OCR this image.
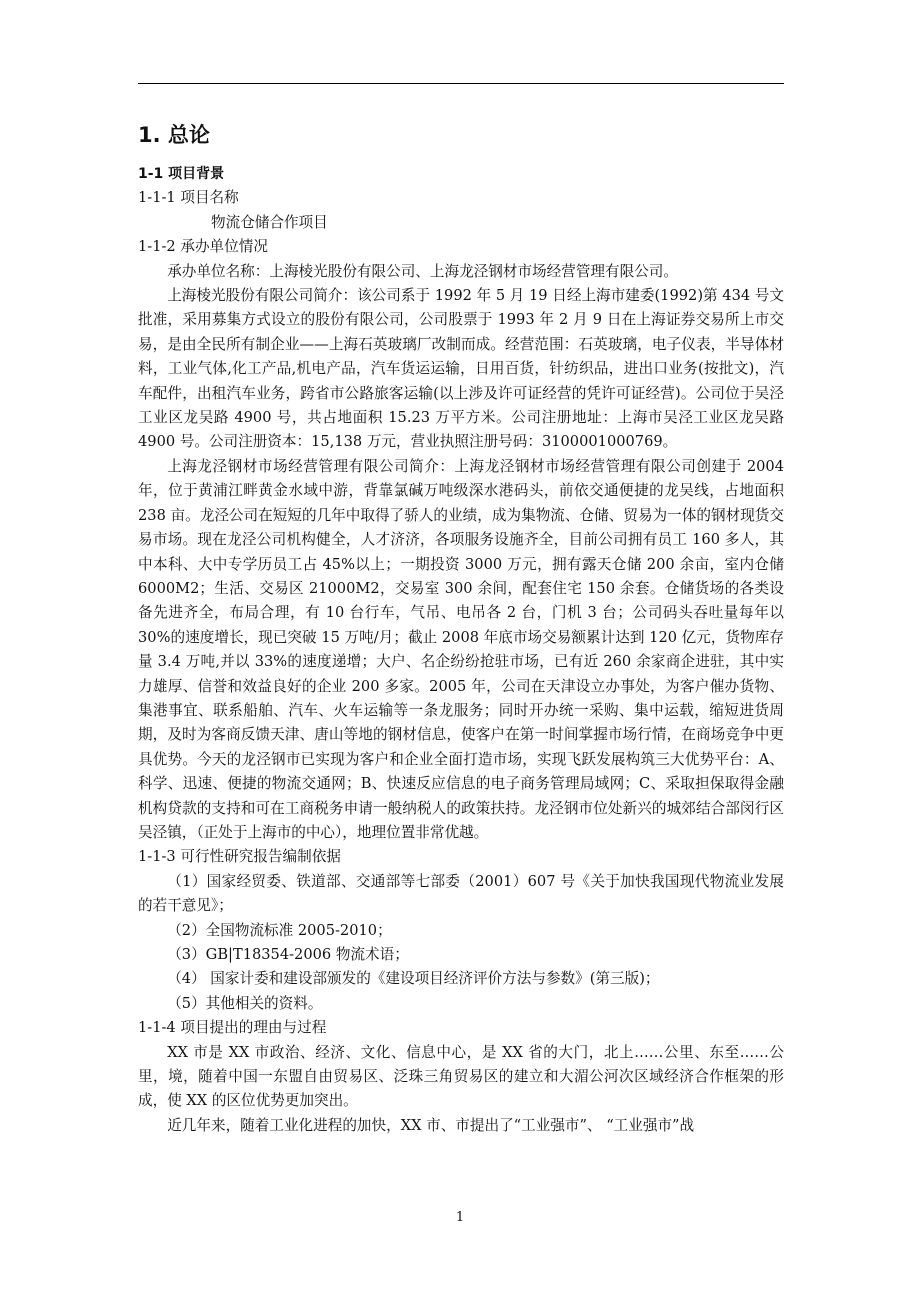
1. 总论

1-1 项目背景

1-1-1 项目名称

物流仓储合作项目

1-1-2 承办单位情况

承办单位名称：上海棱光股份有限公司、上海龙泾钢材市场经营管理有限公司。

上海棱光股份有限公司简介：该公司系于 1992 年 5 月 19 日经上海市建委(1992)第 434 号文批准，采用募集方式设立的股份有限公司，公司股票于 1993 年 2 月 9 日在上海证券交易所上市交易，是由全民所有制企业——上海石英玻璃厂改制而成。经营范围：石英玻璃，电子仪表，半导体材料，工业气体,化工产品,机电产品，汽车货运运输，日用百货，针纺织品，进出口业务(按批文)，汽车配件，出租汽车业务，跨省市公路旅客运输(以上涉及许可证经营的凭许可证经营)。公司位于吴泾工业区龙吴路 4900 号，共占地面积 15.23 万平方米。公司注册地址：上海市吴泾工业区龙吴路 4900 号。公司注册资本：15,138 万元，营业执照注册号码：3100001000769。

上海龙泾钢材市场经营管理有限公司简介：上海龙泾钢材市场经营管理有限公司创建于 2004 年，位于黄浦江畔黄金水域中游，背靠氯碱万吨级深水港码头，前依交通便捷的龙吴线，占地面积 238 亩。龙泾公司在短短的几年中取得了骄人的业绩，成为集物流、仓储、贸易为一体的钢材现货交易市场。现在龙泾公司机构健全，人才济济，各项服务设施齐全，目前公司拥有员工 160 多人，其中本科、大中专学历员工占 45%以上；一期投资 3000 万元，拥有露天仓储 200 余亩，室内仓储 6000M2；生活、交易区 21000M2，交易室 300 余间，配套住宅 150 余套。仓储货场的各类设备先进齐全，布局合理，有 10 台行车，气吊、电吊各 2 台，门机 3 台；公司码头吞吐量每年以 30%的速度增长，现已突破 15 万吨/月；截止 2008 年底市场交易额累计达到 120 亿元，货物库存量 3.4 万吨,并以 33%的速度递增；大户、名企纷纷抢驻市场，已有近 260 余家商企进驻，其中实力雄厚、信誉和效益良好的企业 200 多家。2005 年，公司在天津设立办事处，为客户催办货物、集港事宜、联系船舶、汽车、火车运输等一条龙服务；同时开办统一采购、集中运载，缩短进货周期，及时为客商反馈天津、唐山等地的钢材信息，使客户在第一时间掌握市场行情，在商场竞争中更具优势。今天的龙泾钢市已实现为客户和企业全面打造市场，实现飞跃发展构筑三大优势平台：A、科学、迅速、便捷的物流交通网；B、快速反应信息的电子商务管理局域网；C、采取担保取得金融机构贷款的支持和可在工商税务申请一般纳税人的政策扶持。龙泾钢市位处新兴的城郊结合部闵行区吴泾镇，（正处于上海市的中心），地理位置非常优越。

1-1-3 可行性研究报告编制依据

（1）国家经贸委、铁道部、交通部等七部委（2001）607 号《关于加快我国现代物流业发展的若干意见》；

（2）全国物流标准 2005-2010；

（3）GB|T18354-2006 物流术语；

（4） 国家计委和建设部颁发的《建设项目经济评价方法与参数》(第三版)；

（5）其他相关的资料。

1-1-4 项目提出的理由与过程

XX 市是 XX 市政治、经济、文化、信息中心，是 XX 省的大门，北上……公里、东至……公里，境，随着中国一东盟自由贸易区、泛珠三角贸易区的建立和大湄公河次区域经济合作框架的形成，使 XX 的区位优势更加突出。

近几年来，随着工业化进程的加快，XX 市、市提出了“工业强市”、 “工业强市”战

1
